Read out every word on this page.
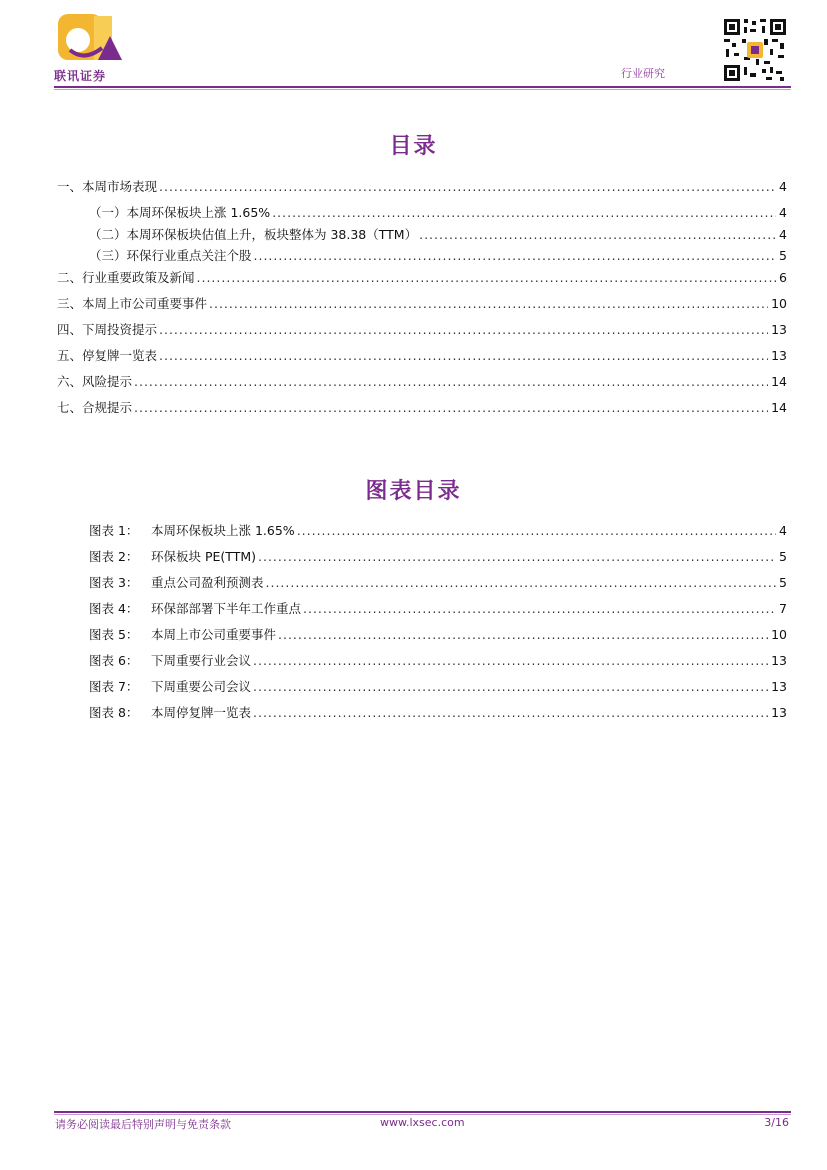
联讯证券	行业研究
目录
一、本周市场表现 .....	4
（一）本周环保板块上涨 1.65% .....	4
（二）本周环保板块估值上升，板块整体为 38.38（TTM） .....	4
（三）环保行业重点关注个股 .....	5
二、行业重要政策及新闻 .....	6
三、本周上市公司重要事件 .....	10
四、下周投资提示 .....	13
五、停复牌一览表 .....	13
六、风险提示 .....	14
七、合规提示 .....	14
图表目录
图表 1： 本周环保板块上涨 1.65% .....	4
图表 2： 环保板块 PE(TTM) .....	5
图表 3： 重点公司盈利预测表 .....	5
图表 4： 环保部部署下半年工作重点 .....	7
图表 5： 本周上市公司重要事件 .....	10
图表 6： 下周重要行业会议 .....	13
图表 7： 下周重要公司会议 .....	13
图表 8： 本周停复牌一览表 .....	13
请务必阅读最后特别声明与免责条款	www.lxsec.com	3/16
